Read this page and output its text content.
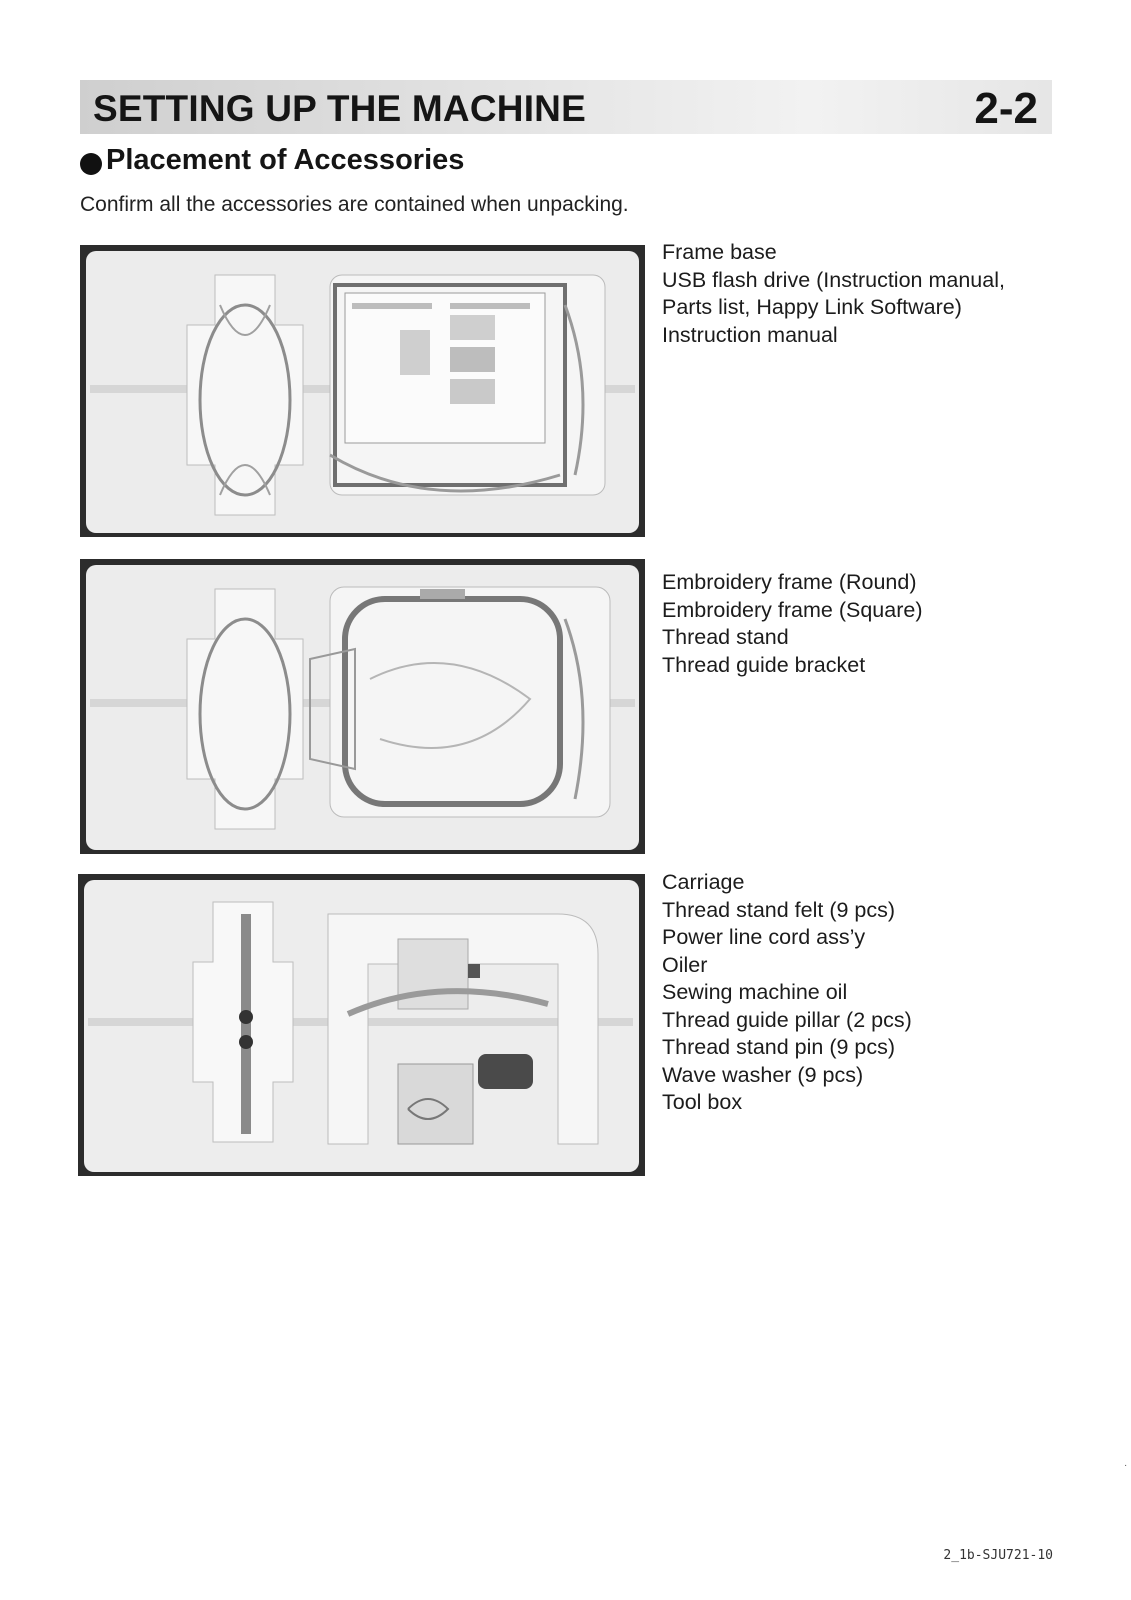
SETTING UP THE MACHINE	2-2
Placement of Accessories
Confirm all the accessories are contained when unpacking.
Frame base
USB flash drive (Instruction manual,
Parts list, Happy Link Software)
Instruction manual
Embroidery frame (Round)
Embroidery frame (Square)
Thread stand
Thread guide bracket
Carriage
Thread stand felt (9 pcs)
Power line cord ass’y
Oiler
Sewing machine oil
Thread guide pillar (2 pcs)
Thread stand pin (9 pcs)
Wave washer (9 pcs)
Tool box
2_1b-SJU721-10
.
